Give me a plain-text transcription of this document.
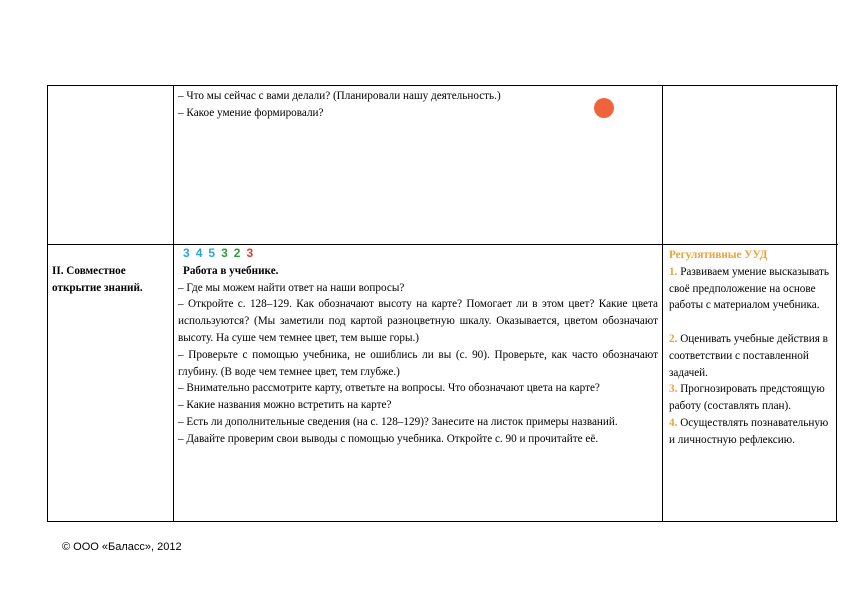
– Что мы сейчас с вами делали? (Планировали нашу деятельность.)

– Какое умение формировали?

II. Совместное открытие знаний.
3 4 5 3 2 3

Работа в учебнике.

– Где мы можем найти ответ на наши вопросы?

– Откройте с. 128–129. Как обозначают высоту на карте? Помогает ли в этом цвет? Какие цвета используются? (Мы заметили под картой разноцветную шкалу. Оказывается, цветом обозначают высоту. На суше чем темнее цвет, тем выше горы.)

– Проверьте с помощью учебника, не ошиблись ли вы (с. 90). Проверьте, как часто обозначают глубину. (В воде чем темнее цвет, тем глубже.)

– Внимательно рассмотрите карту, ответьте на вопросы. Что обозначают цвета на карте?

– Какие названия можно встретить на карте?

– Есть ли дополнительные сведения (на с. 128–129)? Занесите на листок примеры названий.

– Давайте проверим свои выводы с помощью учебника. Откройте с. 90 и прочитайте её.

Регулятивные УУД

1. Развиваем умение высказывать своё предположение на основе работы с материалом учебника.

2. Оценивать учебные действия в соответствии с поставленной задачей.

3. Прогнозировать предстоящую работу (составлять план).

4. Осуществлять познавательную и личностную рефлексию.

© ООО «Баласс», 2012
